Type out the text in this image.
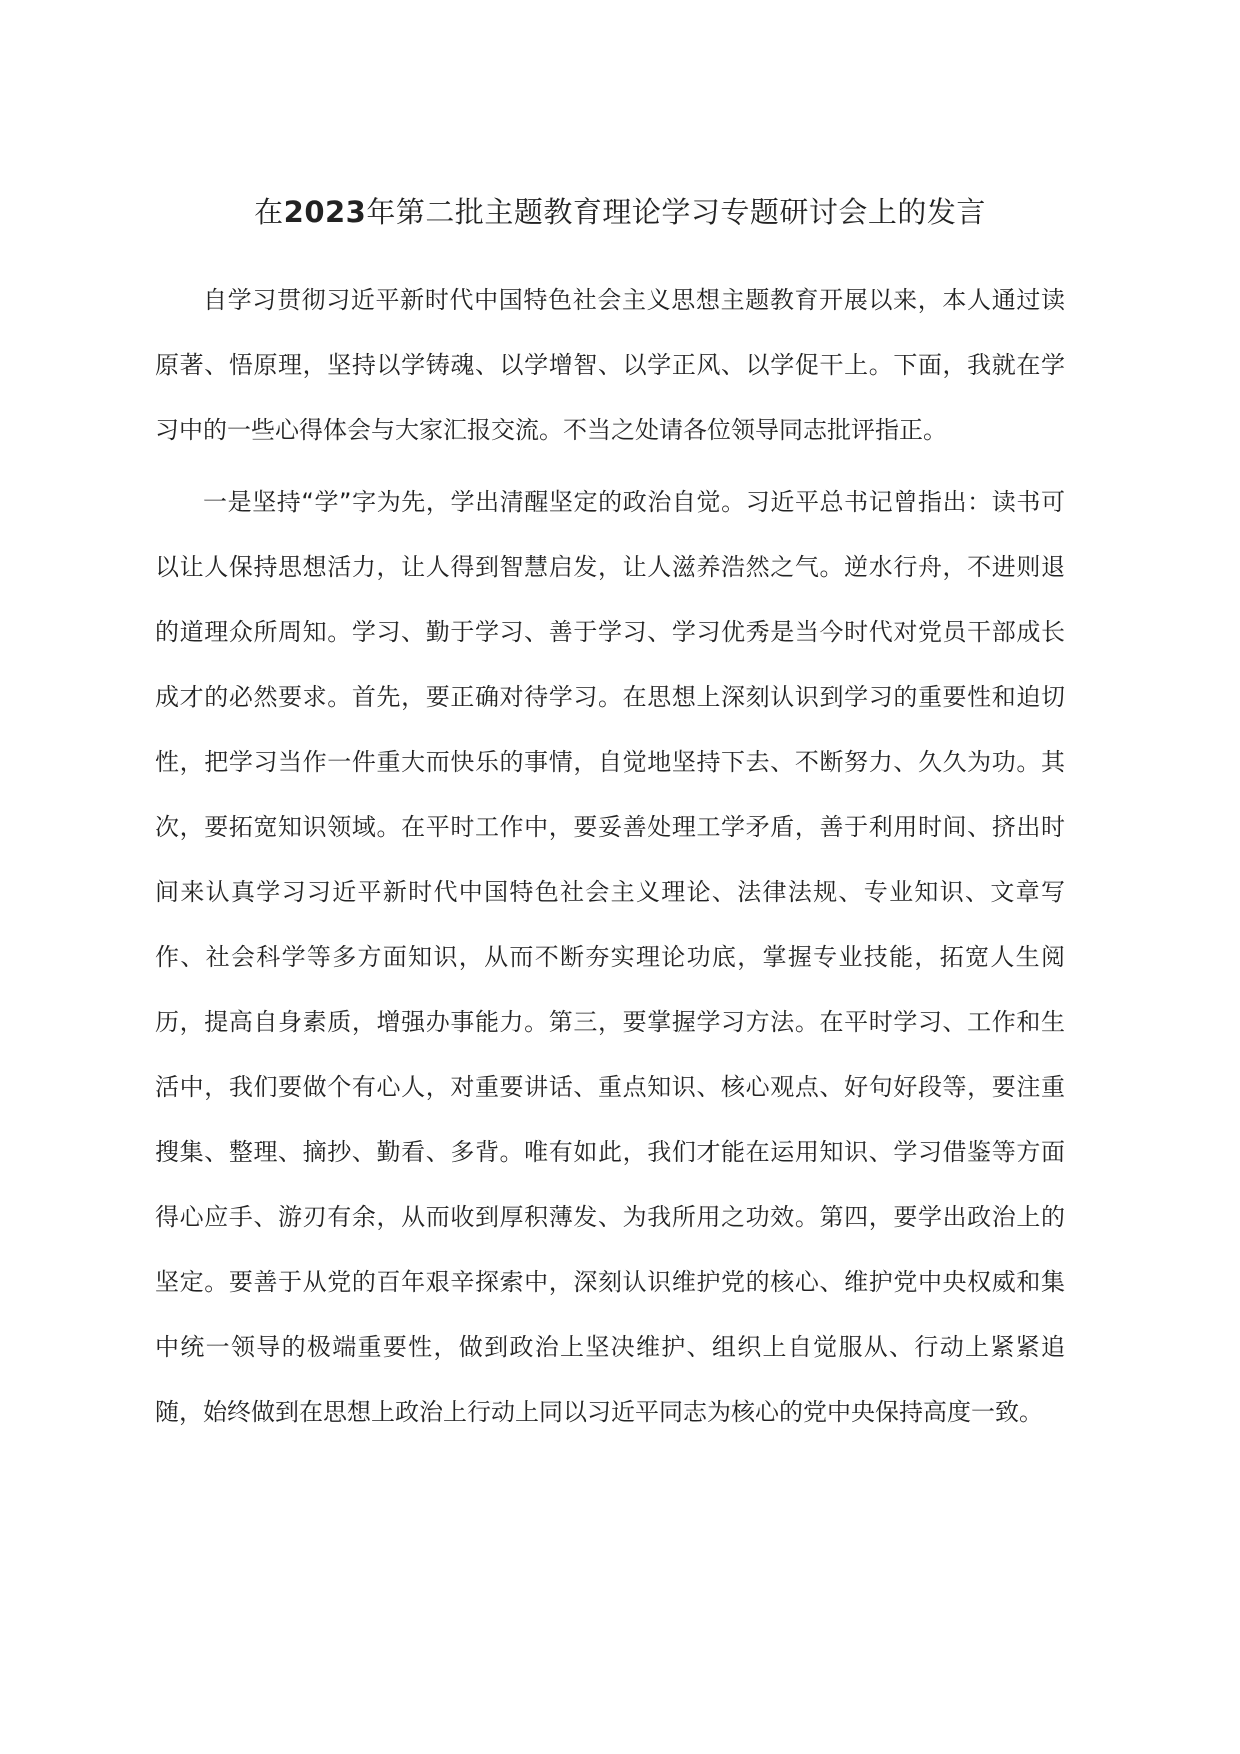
在2023年第二批主题教育理论学习专题研讨会上的发言

自学习贯彻习近平新时代中国特色社会主义思想主题教育开展以来，本人通过读原著、悟原理，坚持以学铸魂、以学增智、以学正风、以学促干上。下面，我就在学习中的一些心得体会与大家汇报交流。不当之处请各位领导同志批评指正。

一是坚持“学”字为先，学出清醒坚定的政治自觉。习近平总书记曾指出：读书可以让人保持思想活力，让人得到智慧启发，让人滋养浩然之气。逆水行舟，不进则退的道理众所周知。学习、勤于学习、善于学习、学习优秀是当今时代对党员干部成长成才的必然要求。首先，要正确对待学习。在思想上深刻认识到学习的重要性和迫切性，把学习当作一件重大而快乐的事情，自觉地坚持下去、不断努力、久久为功。其次，要拓宽知识领域。在平时工作中，要妥善处理工学矛盾，善于利用时间、挤出时间来认真学习习近平新时代中国特色社会主义理论、法律法规、专业知识、文章写作、社会科学等多方面知识，从而不断夯实理论功底，掌握专业技能，拓宽人生阅历，提高自身素质，增强办事能力。第三，要掌握学习方法。在平时学习、工作和生活中，我们要做个有心人，对重要讲话、重点知识、核心观点、好句好段等，要注重搜集、整理、摘抄、勤看、多背。唯有如此，我们才能在运用知识、学习借鉴等方面得心应手、游刃有余，从而收到厚积薄发、为我所用之功效。第四，要学出政治上的坚定。要善于从党的百年艰辛探索中，深刻认识维护党的核心、维护党中央权威和集中统一领导的极端重要性，做到政治上坚决维护、组织上自觉服从、行动上紧紧追随，始终做到在思想上政治上行动上同以习近平同志为核心的党中央保持高度一致。
